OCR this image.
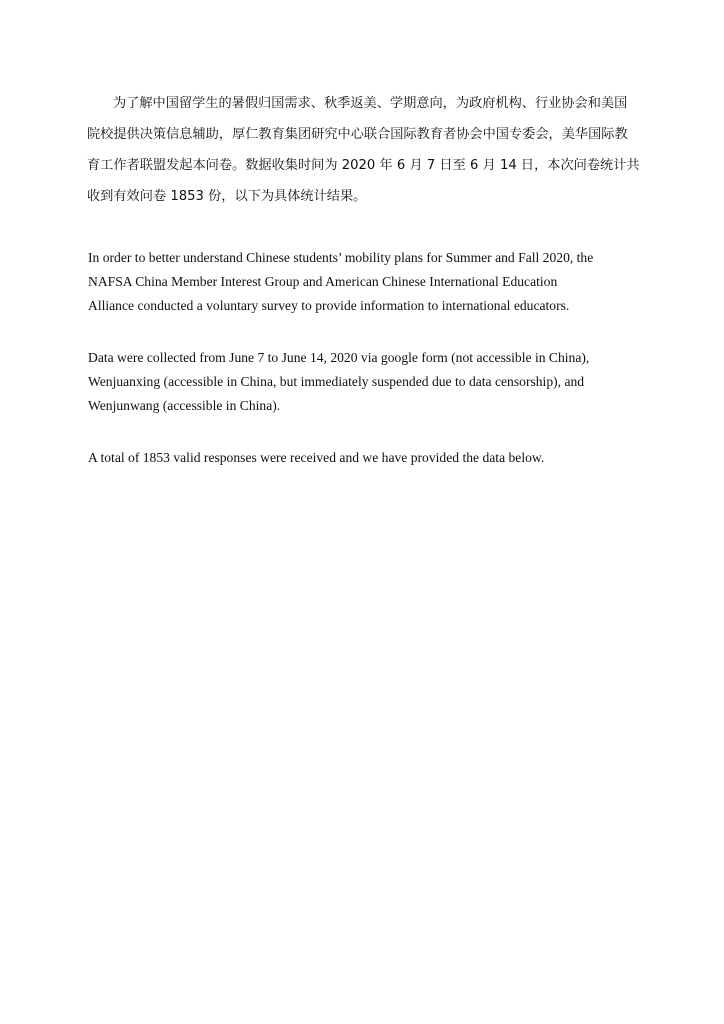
为了解中国留学生的暑假归国需求、秋季返美、学期意向，为政府机构、行业协会和美国
院校提供决策信息辅助，厚仁教育集团研究中心联合国际教育者协会中国专委会，美华国际教
育工作者联盟发起本问卷。数据收集时间为 2020 年 6 月 7 日至 6 月 14 日，本次问卷统计共
收到有效问卷 1853 份，以下为具体统计结果。
In order to better understand Chinese students’ mobility plans for Summer and Fall 2020, the
NAFSA China Member Interest Group and American Chinese International Education
Alliance conducted a voluntary survey to provide information to international educators.
Data were collected from June 7 to June 14, 2020 via google form (not accessible in China),
Wenjuanxing (accessible in China, but immediately suspended due to data censorship), and
Wenjunwang (accessible in China).
A total of 1853 valid responses were received and we have provided the data below.
